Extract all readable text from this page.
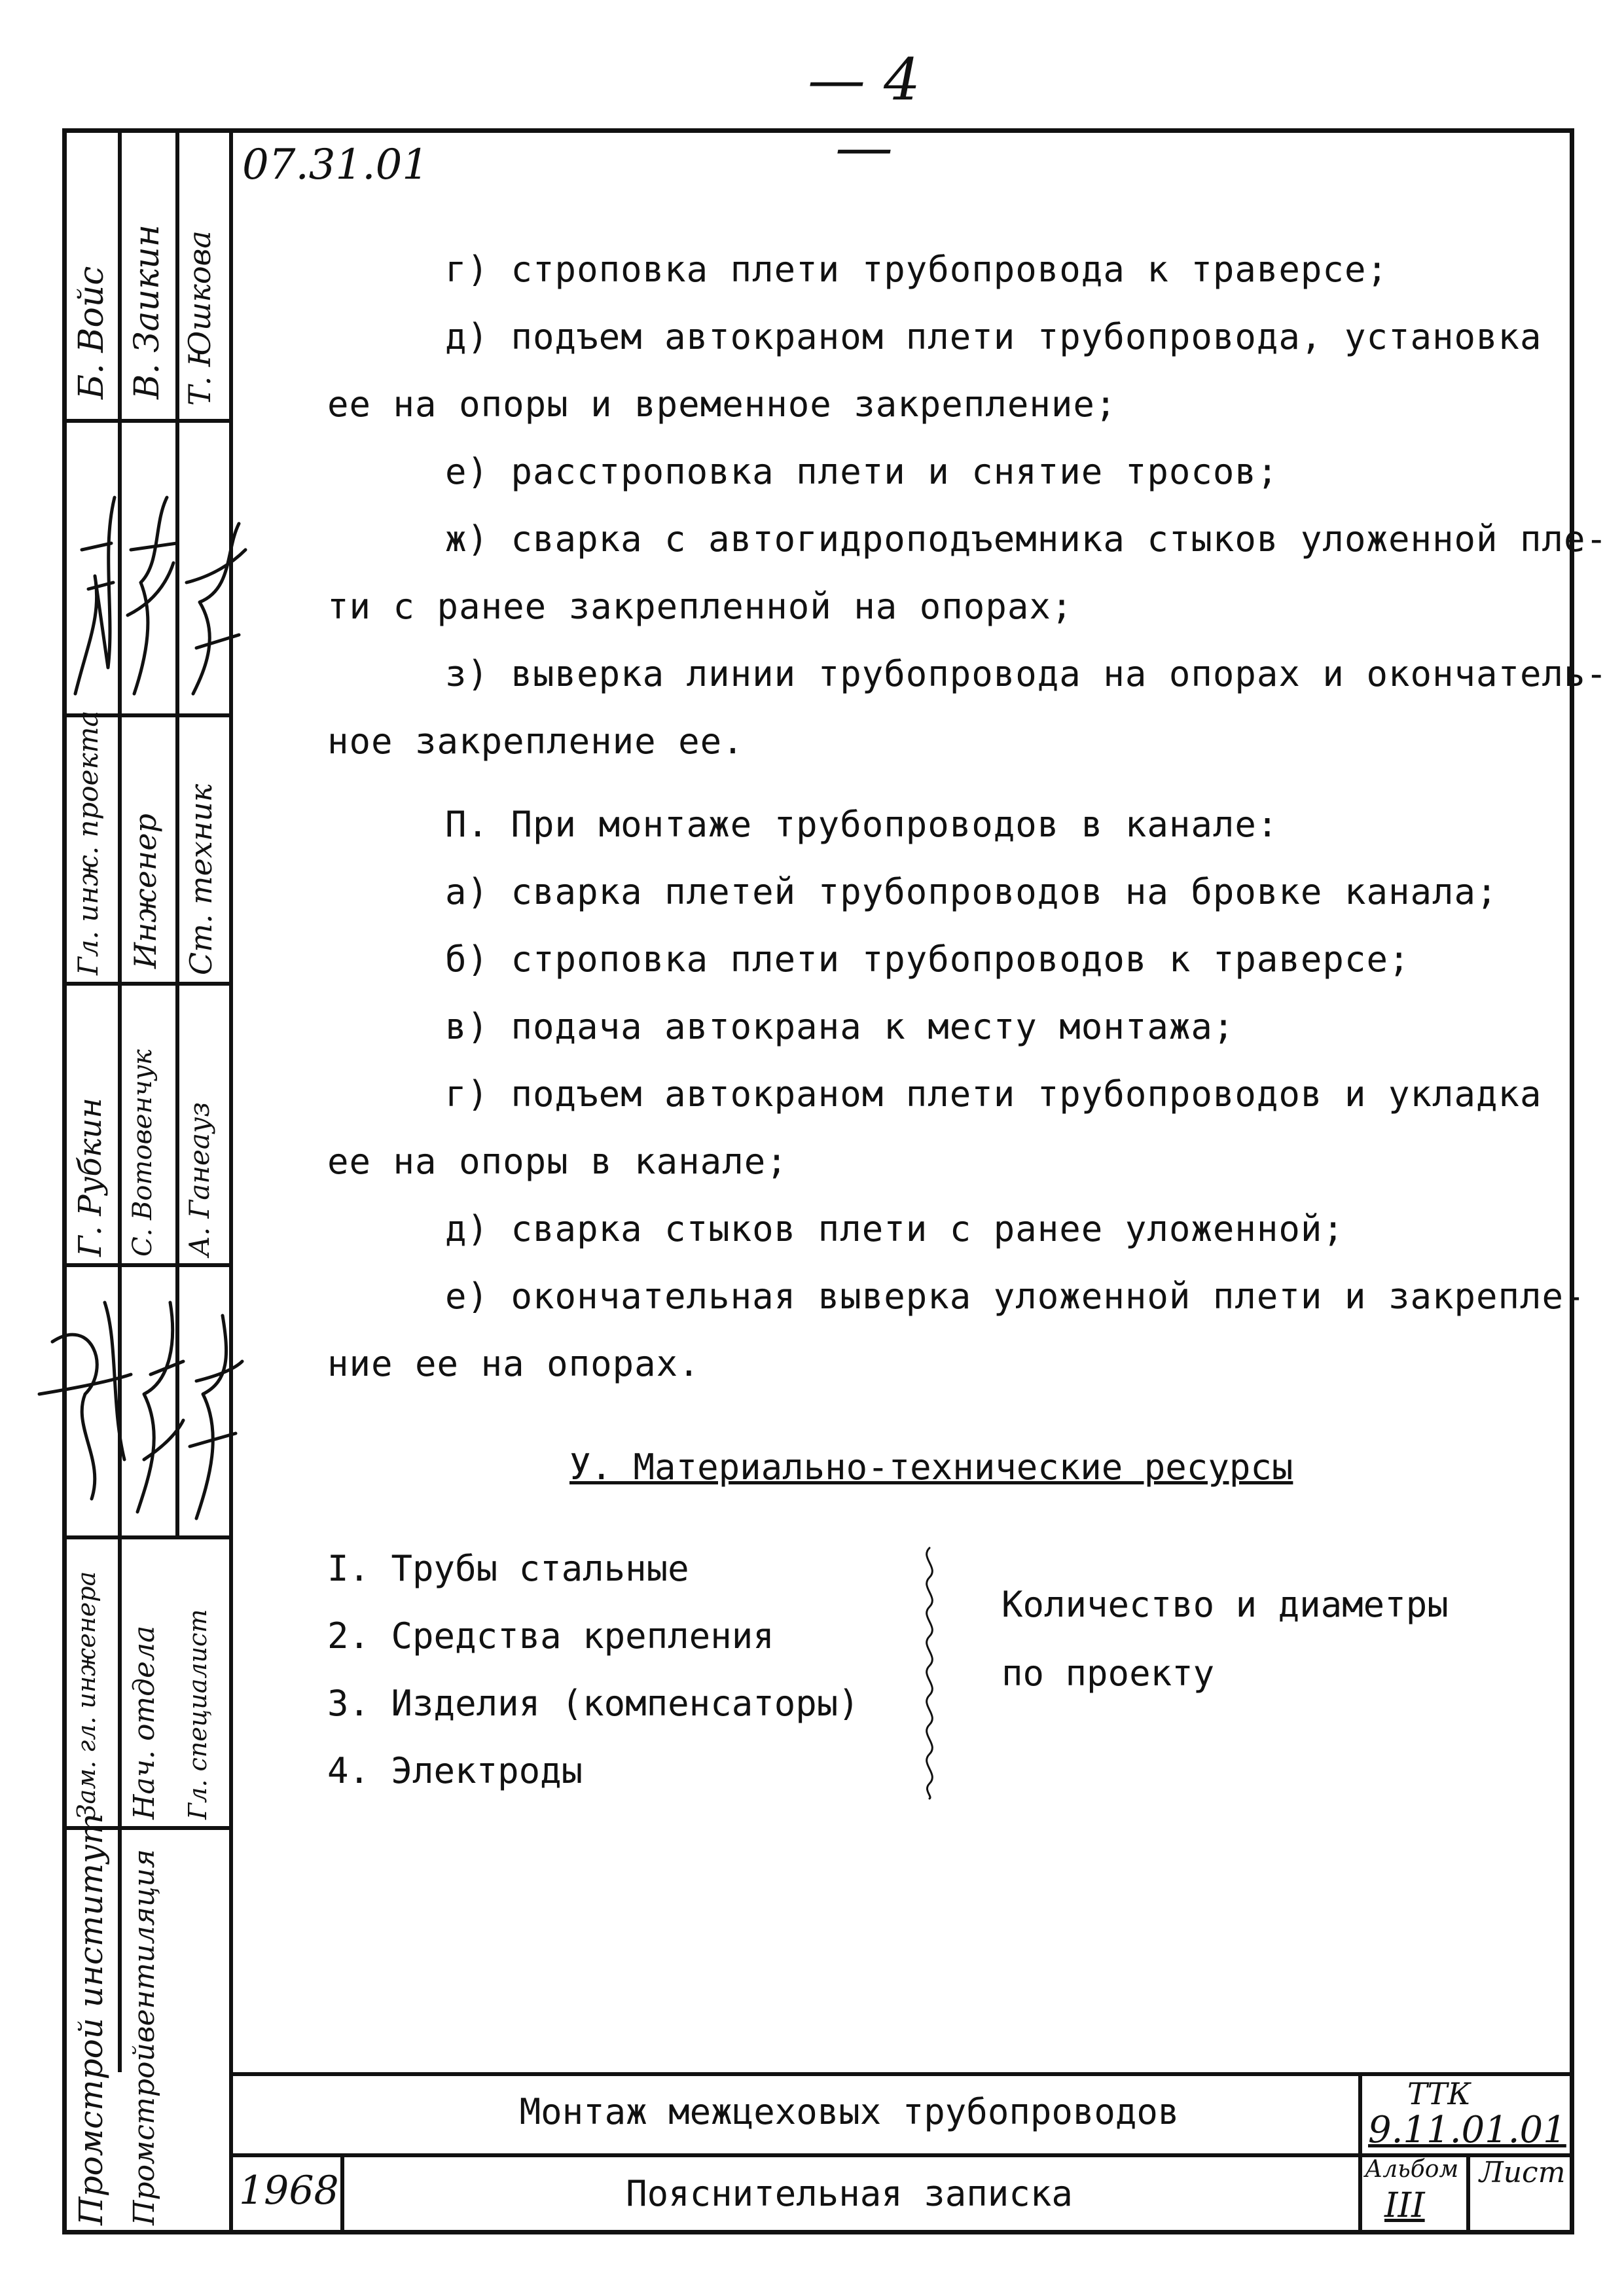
— 4 —
Б. Войс В. Заикин Т. Юшкова
Гл. инж. проекта Инженер Ст. техник
Г. Рубкин С. Вотовенчук А. Ганеауз
Зам. гл. инженера Нач. отдела Гл. специалист
Промстрой институт Промстройвентиляция
07.31.01
г) строповка плети трубопровода к траверсе;
д) подъем автокраном плети трубопровода, установка
ее на опоры и временное закрепление;
е) расстроповка плети и снятие тросов;
ж) сварка с автогидроподъемника стыков уложенной пле-
ти с ранее закрепленной на опорах;
з) выверка линии трубопровода на опорах и окончатель-
ное закрепление ее.
П. При монтаже трубопроводов в канале:
а) сварка плетей трубопроводов на бровке канала;
б) строповка плети трубопроводов к траверсе;
в) подача автокрана к месту монтажа;
г) подъем автокраном плети трубопроводов и укладка
ее на опоры в канале;
д) сварка стыков плети с ранее уложенной;
е) окончательная выверка уложенной плети и закрепле-
ние ее на опорах.
У. Материально-технические ресурсы
I. Трубы стальные
2. Средства крепления
3. Изделия (компенсаторы)
4. Электроды
Количество и диаметры
по проекту
Монтаж межцеховых трубопроводов
Пояснительная записка
1968
ТТК
9.11.01.01
Альбом
III
Лист
